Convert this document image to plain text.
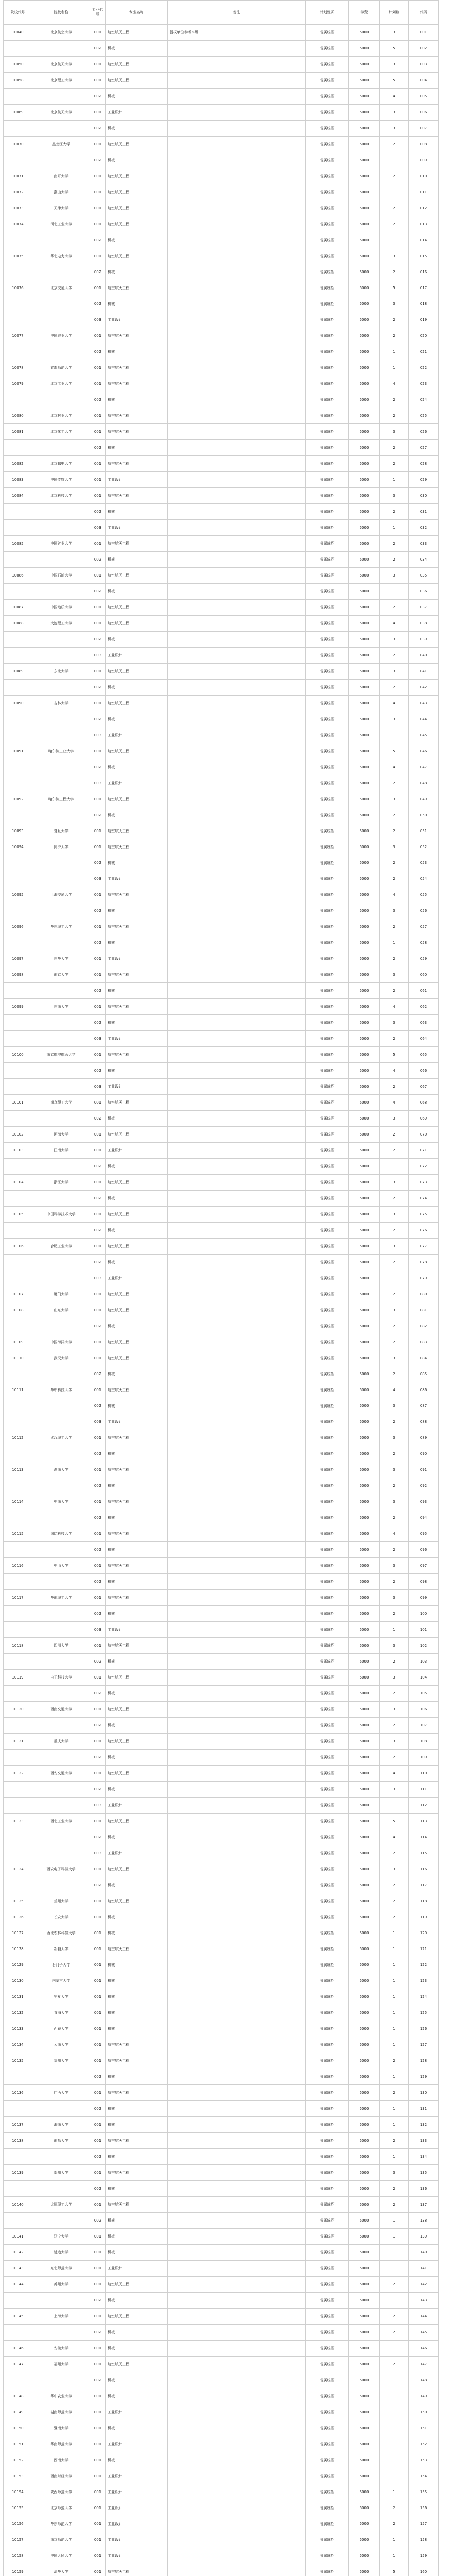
院校代号	院校名称	专业代号	专业名称	备注	计划性质	学费	计划数	代码
10040	北京航空大学	001	航空航天工程	授权单位参考本级	省属统招	5000	3	001
		002	机械		省属统招	5000	5	002
10050	北京航天大学	001	航空航天工程		省属统招	5000	3	003
10058	北京理工大学	001	航空航天工程		省属统招	5000	5	004
		002	机械		省属统招	5000	4	005
10069	北京航天大学	001	工业设计		省属统招	5000	3	006
		002	机械		省属统招	5000	3	007
10070	黑龙江大学	001	航空航天工程		省属统招	5000	2	008
		002	机械		省属统招	5000	1	009
10071	南开大学	001	航空航天工程		省属统招	5000	2	010
10072	燕山大学	001	航空航天工程		省属统招	5000	1	011
10073	天津大学	001	航空航天工程		省属统招	5000	2	012
10074	河北工业大学	001	航空航天工程		省属统招	5000	2	013
		002	机械		省属统招	5000	1	014
10075	华北电力大学	001	航空航天工程		省属统招	5000	3	015
		002	机械		省属统招	5000	2	016
10076	北京交通大学	001	航空航天工程		省属统招	5000	5	017
		002	机械		省属统招	5000	3	018
		003	工业设计		省属统招	5000	2	019
10077	中国农业大学	001	航空航天工程		省属统招	5000	2	020
		002	机械		省属统招	5000	1	021
10078	首都师范大学	001	航空航天工程		省属统招	5000	1	022
10079	北京工业大学	001	航空航天工程		省属统招	5000	4	023
		002	机械		省属统招	5000	2	024
10080	北京林业大学	001	航空航天工程		省属统招	5000	2	025
10081	北京化工大学	001	航空航天工程		省属统招	5000	3	026
		002	机械		省属统招	5000	2	027
10082	北京邮电大学	001	航空航天工程		省属统招	5000	2	028
10083	中国传媒大学	001	工业设计		省属统招	5000	1	029
10084	北京科技大学	001	航空航天工程		省属统招	5000	3	030
		002	机械		省属统招	5000	2	031
		003	工业设计		省属统招	5000	1	032
10085	中国矿业大学	001	航空航天工程		省属统招	5000	2	033
		002	机械		省属统招	5000	2	034
10086	中国石油大学	001	航空航天工程		省属统招	5000	3	035
		002	机械		省属统招	5000	1	036
10087	中国地质大学	001	航空航天工程		省属统招	5000	2	037
10088	大连理工大学	001	航空航天工程		省属统招	5000	4	038
		002	机械		省属统招	5000	3	039
		003	工业设计		省属统招	5000	2	040
10089	东北大学	001	航空航天工程		省属统招	5000	3	041
		002	机械		省属统招	5000	2	042
10090	吉林大学	001	航空航天工程		省属统招	5000	4	043
		002	机械		省属统招	5000	3	044
		003	工业设计		省属统招	5000	1	045
10091	哈尔滨工业大学	001	航空航天工程		省属统招	5000	5	046
		002	机械		省属统招	5000	4	047
		003	工业设计		省属统招	5000	2	048
10092	哈尔滨工程大学	001	航空航天工程		省属统招	5000	3	049
		002	机械		省属统招	5000	2	050
10093	复旦大学	001	航空航天工程		省属统招	5000	2	051
10094	同济大学	001	航空航天工程		省属统招	5000	3	052
		002	机械		省属统招	5000	2	053
		003	工业设计		省属统招	5000	2	054
10095	上海交通大学	001	航空航天工程		省属统招	5000	4	055
		002	机械		省属统招	5000	3	056
10096	华东理工大学	001	航空航天工程		省属统招	5000	2	057
		002	机械		省属统招	5000	1	058
10097	东华大学	001	工业设计		省属统招	5000	2	059
10098	南京大学	001	航空航天工程		省属统招	5000	3	060
		002	机械		省属统招	5000	2	061
10099	东南大学	001	航空航天工程		省属统招	5000	4	062
		002	机械		省属统招	5000	3	063
		003	工业设计		省属统招	5000	2	064
10100	南京航空航天大学	001	航空航天工程		省属统招	5000	5	065
		002	机械		省属统招	5000	4	066
		003	工业设计		省属统招	5000	2	067
10101	南京理工大学	001	航空航天工程		省属统招	5000	4	068
		002	机械		省属统招	5000	3	069
10102	河海大学	001	航空航天工程		省属统招	5000	2	070
10103	江南大学	001	工业设计		省属统招	5000	2	071
		002	机械		省属统招	5000	1	072
10104	浙江大学	001	航空航天工程		省属统招	5000	3	073
		002	机械		省属统招	5000	2	074
10105	中国科学技术大学	001	航空航天工程		省属统招	5000	3	075
		002	机械		省属统招	5000	2	076
10106	合肥工业大学	001	航空航天工程		省属统招	5000	3	077
		002	机械		省属统招	5000	2	078
		003	工业设计		省属统招	5000	1	079
10107	厦门大学	001	航空航天工程		省属统招	5000	2	080
10108	山东大学	001	航空航天工程		省属统招	5000	3	081
		002	机械		省属统招	5000	2	082
10109	中国海洋大学	001	航空航天工程		省属统招	5000	2	083
10110	武汉大学	001	航空航天工程		省属统招	5000	3	084
		002	机械		省属统招	5000	2	085
10111	华中科技大学	001	航空航天工程		省属统招	5000	4	086
		002	机械		省属统招	5000	3	087
		003	工业设计		省属统招	5000	2	088
10112	武汉理工大学	001	航空航天工程		省属统招	5000	3	089
		002	机械		省属统招	5000	2	090
10113	湖南大学	001	航空航天工程		省属统招	5000	3	091
		002	机械		省属统招	5000	2	092
10114	中南大学	001	航空航天工程		省属统招	5000	3	093
		002	机械		省属统招	5000	2	094
10115	国防科技大学	001	航空航天工程		省属统招	5000	4	095
		002	机械		省属统招	5000	2	096
10116	中山大学	001	航空航天工程		省属统招	5000	3	097
		002	机械		省属统招	5000	2	098
10117	华南理工大学	001	航空航天工程		省属统招	5000	3	099
		002	机械		省属统招	5000	2	100
		003	工业设计		省属统招	5000	1	101
10118	四川大学	001	航空航天工程		省属统招	5000	3	102
		002	机械		省属统招	5000	2	103
10119	电子科技大学	001	航空航天工程		省属统招	5000	3	104
		002	机械		省属统招	5000	2	105
10120	西南交通大学	001	航空航天工程		省属统招	5000	3	106
		002	机械		省属统招	5000	2	107
10121	重庆大学	001	航空航天工程		省属统招	5000	3	108
		002	机械		省属统招	5000	2	109
10122	西安交通大学	001	航空航天工程		省属统招	5000	4	110
		002	机械		省属统招	5000	3	111
		003	工业设计		省属统招	5000	1	112
10123	西北工业大学	001	航空航天工程		省属统招	5000	5	113
		002	机械		省属统招	5000	4	114
		003	工业设计		省属统招	5000	2	115
10124	西安电子科技大学	001	航空航天工程		省属统招	5000	3	116
		002	机械		省属统招	5000	2	117
10125	兰州大学	001	航空航天工程		省属统招	5000	2	118
10126	长安大学	001	机械		省属统招	5000	2	119
10127	西北农林科技大学	001	机械		省属统招	5000	1	120
10128	新疆大学	001	航空航天工程		省属统招	5000	1	121
10129	石河子大学	001	机械		省属统招	5000	1	122
10130	内蒙古大学	001	机械		省属统招	5000	1	123
10131	宁夏大学	001	机械		省属统招	5000	1	124
10132	青海大学	001	机械		省属统招	5000	1	125
10133	西藏大学	001	机械		省属统招	5000	1	126
10134	云南大学	001	航空航天工程		省属统招	5000	1	127
10135	贵州大学	001	航空航天工程		省属统招	5000	2	128
		002	机械		省属统招	5000	1	129
10136	广西大学	001	航空航天工程		省属统招	5000	2	130
		002	机械		省属统招	5000	1	131
10137	海南大学	001	机械		省属统招	5000	1	132
10138	南昌大学	001	航空航天工程		省属统招	5000	2	133
		002	机械		省属统招	5000	1	134
10139	郑州大学	001	航空航天工程		省属统招	5000	3	135
		002	机械		省属统招	5000	2	136
10140	太原理工大学	001	航空航天工程		省属统招	5000	2	137
		002	机械		省属统招	5000	1	138
10141	辽宁大学	001	机械		省属统招	5000	1	139
10142	延边大学	001	机械		省属统招	5000	1	140
10143	东北师范大学	001	工业设计		省属统招	5000	1	141
10144	苏州大学	001	航空航天工程		省属统招	5000	2	142
		002	机械		省属统招	5000	1	143
10145	上海大学	001	航空航天工程		省属统招	5000	2	144
		002	机械		省属统招	5000	2	145
10146	安徽大学	001	机械		省属统招	5000	1	146
10147	福州大学	001	航空航天工程		省属统招	5000	2	147
		002	机械		省属统招	5000	1	148
10148	华中农业大学	001	机械		省属统招	5000	1	149
10149	湖南师范大学	001	工业设计		省属统招	5000	1	150
10150	暨南大学	001	机械		省属统招	5000	1	151
10151	华南师范大学	001	工业设计		省属统招	5000	1	152
10152	西南大学	001	机械		省属统招	5000	1	153
10153	西南财经大学	001	工业设计		省属统招	5000	1	154
10154	陕西师范大学	001	工业设计		省属统招	5000	1	155
10155	北京师范大学	001	工业设计		省属统招	5000	2	156
10156	华东师范大学	001	工业设计		省属统招	5000	2	157
10157	南京师范大学	001	工业设计		省属统招	5000	1	158
10158	中国人民大学	001	工业设计		省属统招	5000	1	159
10159	清华大学	001	航空航天工程		省属统招	5000	5	160
